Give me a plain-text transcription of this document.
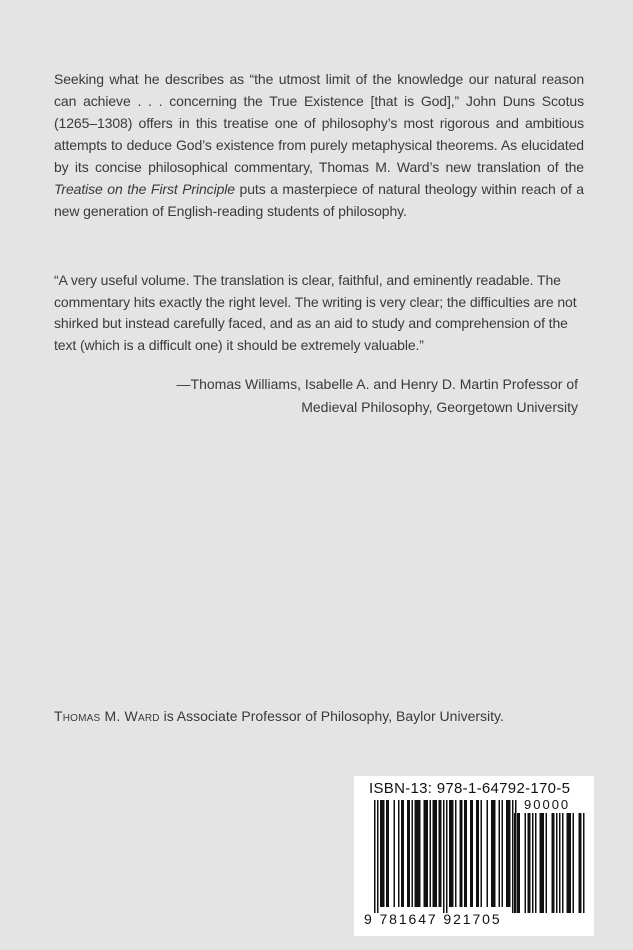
Seeking what he describes as “the utmost limit of the knowledge our natural reason can achieve . . . concerning the True Existence [that is God],” John Duns Scotus (1265–1308) offers in this treatise one of philosophy’s most rigorous and ambitious attempts to deduce God’s existence from purely metaphysical theorems. As elucidated by its concise philosophical commentary, Thomas M. Ward’s new translation of the Treatise on the First Principle puts a masterpiece of natural theology within reach of a new generation of English-reading students of philosophy.

“A very useful volume. The translation is clear, faithful, and eminently readable. The commentary hits exactly the right level. The writing is very clear; the difficulties are not shirked but instead carefully faced, and as an aid to study and comprehension of the text (which is a difficult one) it should be extremely valuable.”

—Thomas Williams, Isabelle A. and Henry D. Martin Professor of
Medieval Philosophy, Georgetown University

Thomas M. Ward is Associate Professor of Philosophy, Baylor University.

ISBN-13: 978-1-64792-170-5
90000
9 781647 921705
